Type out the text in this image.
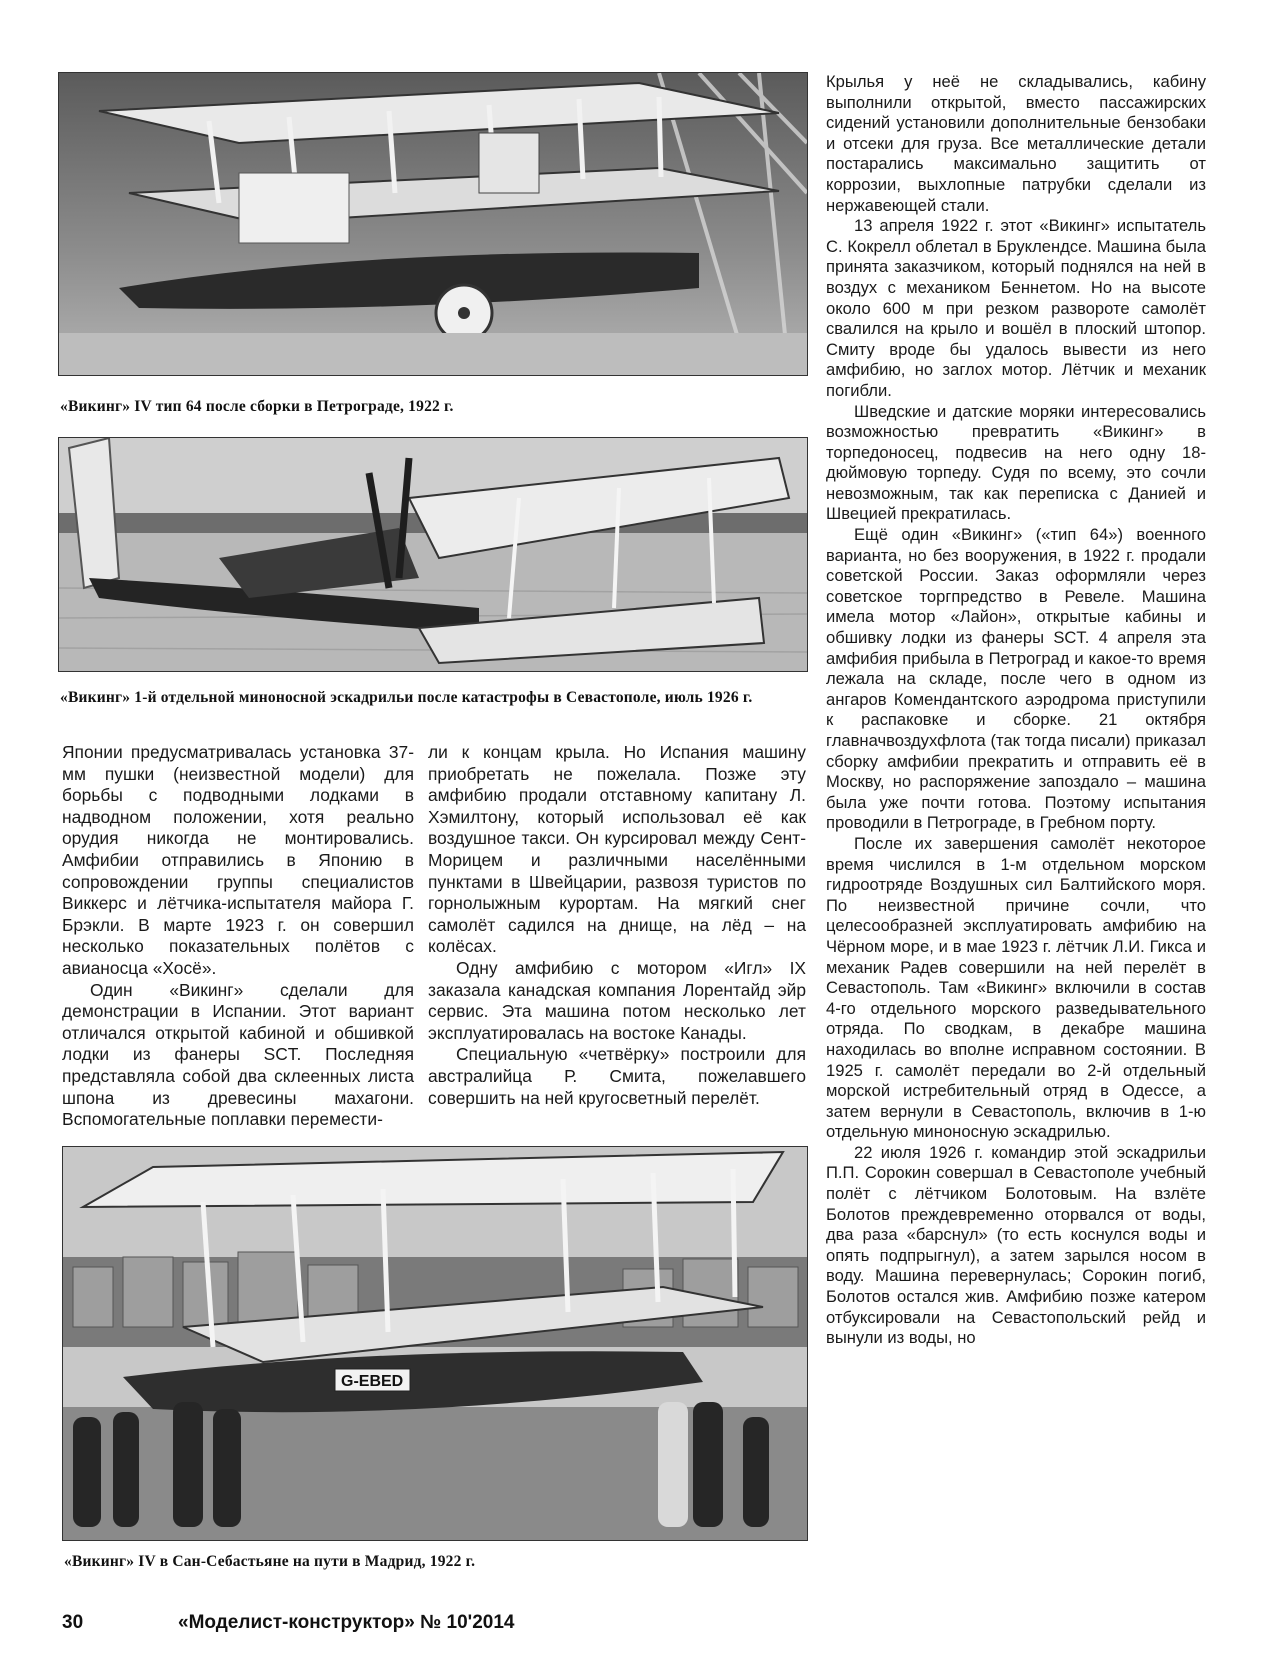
«Викинг» IV тип 64 после сборки в Петрограде, 1922 г.
«Викинг» 1-й отдельной миноносной эскадрильи после катастрофы в Севастополе, июль 1926 г.

Японии предусматривалась установка 37-мм пушки (неизвестной модели) для борьбы с подводными лодками в надводном положении, хотя реально орудия никогда не монтировались. Амфибии отправились в Японию в сопровождении группы специалистов Виккерс и лётчика-испытателя майора Г. Брэкли. В марте 1923 г. он совершил несколько показательных полётов с авианосца «Хосё».

Один «Викинг» сделали для демонстрации в Испании. Этот вариант отличался открытой кабиной и обшивкой лодки из фанеры SCT. Последняя представляла собой два склеенных листа шпона из древесины махагони. Вспомогательные поплавки перемести-

ли к концам крыла. Но Испания машину приобретать не пожелала. Позже эту амфибию продали отставному капитану Л. Хэмилтону, который использовал её как воздушное такси. Он курсировал между Сент-Морицем и различными населёнными пунктами в Швейцарии, развозя туристов по горнолыжным курортам. На мягкий снег самолёт садился на днище, на лёд – на колёсах.

Одну амфибию с мотором «Игл» IX заказала канадская компания Лорентайд эйр сервис. Эта машина потом несколько лет эксплуатировалась на востоке Канады.

Специальную «четвёрку» построили для австралийца Р. Смита, пожелавшего совершить на ней кругосветный перелёт.

Крылья у неё не складывались, кабину выполнили открытой, вместо пассажирских сидений установили дополнительные бензобаки и отсеки для груза. Все металлические детали постарались максимально защитить от коррозии, выхлопные патрубки сделали из нержавеющей стали.

13 апреля 1922 г. этот «Викинг» испытатель С. Кокрелл облетал в Бруклендсе. Машина была принята заказчиком, который поднялся на ней в воздух с механиком Беннетом. Но на высоте около 600 м при резком развороте самолёт свалился на крыло и вошёл в плоский штопор. Смиту вроде бы удалось вывести из него амфибию, но заглох мотор. Лётчик и механик погибли.

Шведские и датские моряки интересовались возможностью превратить «Викинг» в торпедоносец, подвесив на него одну 18-дюймовую торпеду. Судя по всему, это сочли невозможным, так как переписка с Данией и Швецией прекратилась.

Ещё один «Викинг» («тип 64») военного варианта, но без вооружения, в 1922 г. продали советской России. Заказ оформляли через советское торгпредство в Ревеле. Машина имела мотор «Лайон», открытые кабины и обшивку лодки из фанеры SCT. 4 апреля эта амфибия прибыла в Петроград и какое-то время лежала на складе, после чего в одном из ангаров Комендантского аэродрома приступили к распаковке и сборке. 21 октября главначвоздухфлота (так тогда писали) приказал сборку амфибии прекратить и отправить её в Москву, но распоряжение запоздало – машина была уже почти готова. Поэтому испытания проводили в Петрограде, в Гребном порту.

После их завершения самолёт некоторое время числился в 1-м отдельном морском гидроотряде Воздушных сил Балтийского моря. По неизвестной причине сочли, что целесообразней эксплуатировать амфибию на Чёрном море, и в мае 1923 г. лётчик Л.И. Гикса и механик Радев совершили на ней перелёт в Севастополь. Там «Викинг» включили в состав 4-го отдельного морского разведывательного отряда. По сводкам, в декабре машина находилась во вполне исправном состоянии. В 1925 г. самолёт передали во 2-й отдельный морской истребительный отряд в Одессе, а затем вернули в Севастополь, включив в 1-ю отдельную миноносную эскадрилью.

22 июля 1926 г. командир этой эскадрильи П.П. Сорокин совершал в Севастополе учебный полёт с лётчиком Болотовым. На взлёте Болотов преждевременно оторвался от воды, два раза «барснул» (то есть коснулся воды и опять подпрыгнул), а затем зарылся носом в воду. Машина перевернулась; Сорокин погиб, Болотов остался жив. Амфибию позже катером отбуксировали на Севастопольский рейд и вынули из воды, но

G-EBED
«Викинг» IV в Сан-Себастьяне на пути в Мадрид, 1922 г.
30	«Моделист-конструктор» № 10'2014
